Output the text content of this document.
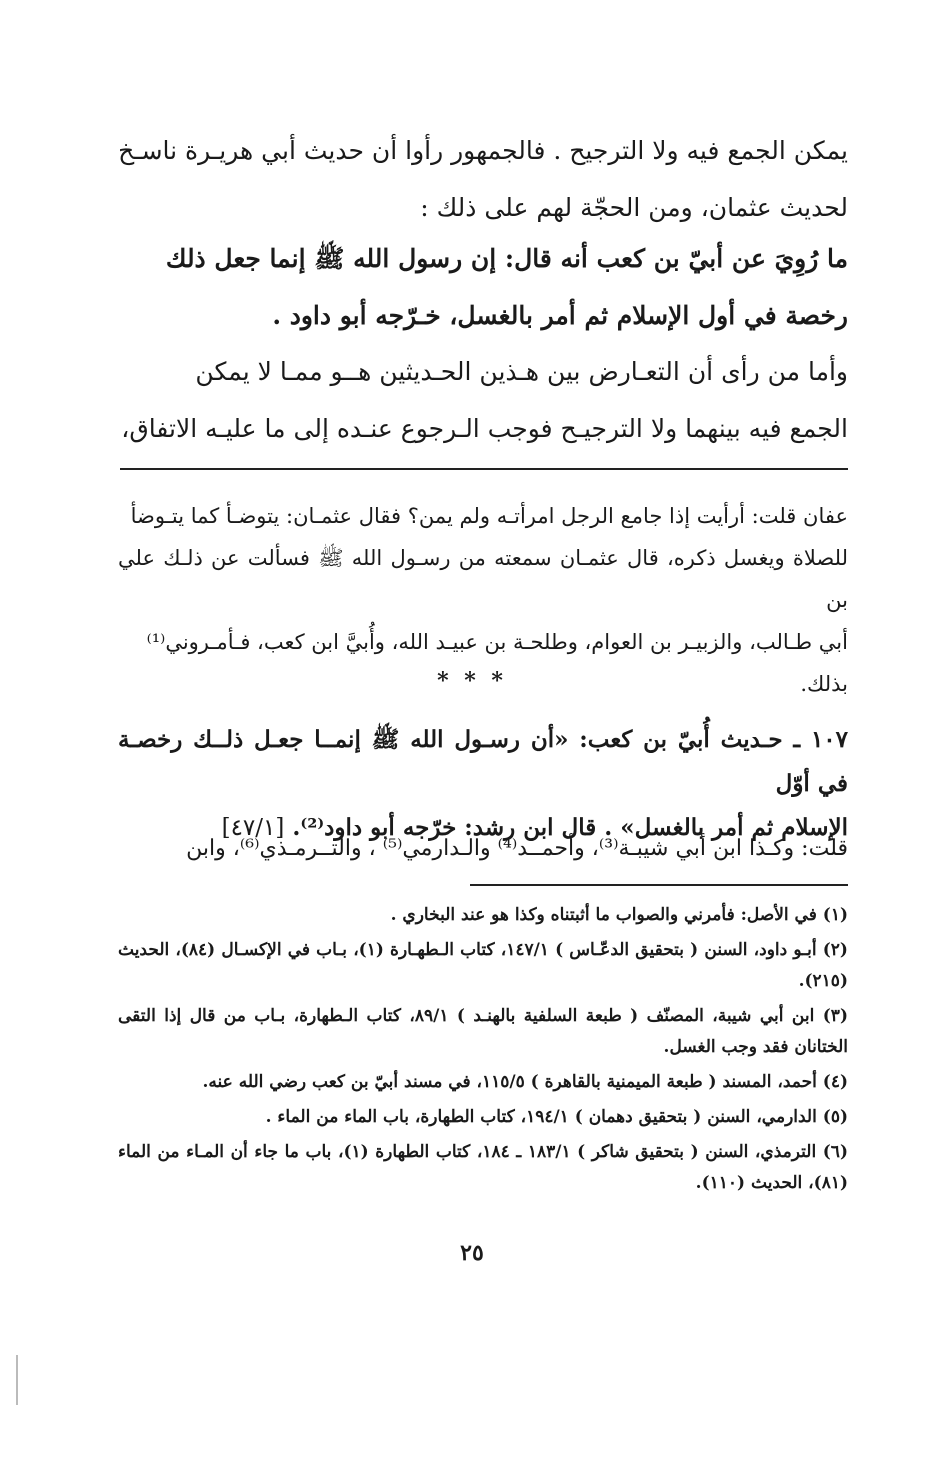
يمكن الجمع فيه ولا الترجيح . فالجمهور رأوا أن حديث أبي هريـرة ناسـخ
لحديث عثمان، ومن الحجّة لهم على ذلك :
ما رُوِيَ عن أبيّ بن كعب أنه قال: إن رسول الله ﷺ إنما جعل ذلك
رخصة في أول الإسلام ثم أمر بالغسل، خـرّجه أبو داود .
وأما من رأى أن التعـارض بين هـذين الحـديثين هــو ممـا لا يمكن
الجمع فيه بينهما ولا الترجيـح فوجب الـرجوع عنـده إلى ما عليـه الاتفاق،
عفان قلت: أرأيت إذا جامع الرجل امرأتـه ولم يمن؟ فقال عثمـان: يتوضـأ كما يتـوضأ
للصلاة ويغسل ذكره، قال عثمـان سمعته من رسـول الله ﷺ فسألت عن ذلـك علي بن
أبي طـالب، والزبيـر بن العوام، وطلحـة بن عبيـد الله، وأُبيَّ ابن كعب، فـأمـروني⁽¹⁾
بذلك.
* * *
١٠٧ ـ حـديث أُبيّ بن كعب: «أن رسـول الله ﷺ إنمــا جعـل ذلــك رخصـة في أوّل
الإسلام ثم أمر بالغسل» . قال ابن رشد: خرّجه أبو داود⁽²⁾. [٤٧/١]
قلت: وكـذا ابن أبي شيبـة⁽³⁾، وأحمــد⁽⁴⁾ والـدارمي⁽⁵⁾ ، والتــرمـذي⁽⁶⁾، وابن
(١) في الأصل: فأمرني والصواب ما أثبتناه وكذا هو عند البخاري .
(٢) أبـو داود، السنن ( بتحقيق الدعّـاس ) ١٤٧/١، كتاب الـطهـارة (١)، بـاب في الإكسـال (٨٤)، الحديث (٢١٥).
(٣) ابن أبي شيبة، المصنّف ( طبعة السلفية بالهنـد ) ٨٩/١، كتاب الـطهارة، بـاب من قال إذا التقى الختانان فقد وجب الغسل.
(٤) أحمد، المسند ( طبعة الميمنية بالقاهرة ) ١١٥/٥، في مسند أبيّ بن كعب رضي الله عنه.
(٥) الدارمي، السنن ( بتحقيق دهمان ) ١٩٤/١، كتاب الطهارة، باب الماء من الماء .
(٦) الترمذي، السنن ( بتحقيق شاكر ) ١٨٣/١ ـ ١٨٤، كتاب الطهارة (١)، باب ما جاء أن المـاء من الماء (٨١)، الحديث (١١٠).
٢٥
